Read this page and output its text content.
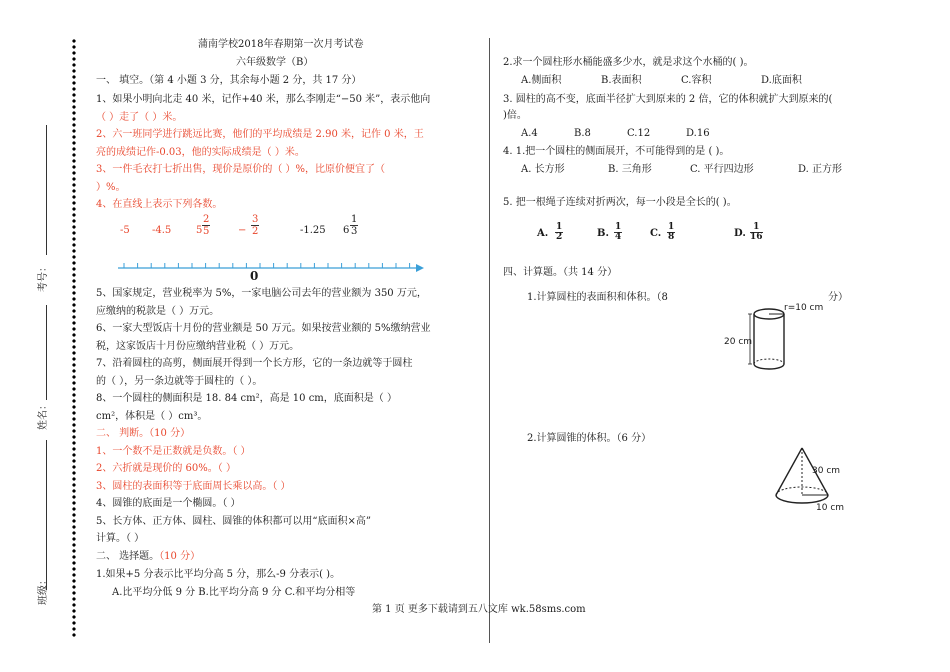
考号：
姓名：
班级：
蒲南学校2018年春期第一次月考试卷
六年级数学（B）
一、 填空。（第 4 小题 3 分，其余每小题 2 分，共 17 分）
1、如果小明向北走 40 米，记作+40 米，那么李刚走“−50 米”，表示他向
（ ）走了（ ）米。
2、六一班同学进行跳远比赛，他们的平均成绩是 2.90 米，记作 0 米，王
亮的成绩记作-0.03，他的实际成绩是（ ）米。
3、一件毛衣打七折出售，现价是原价的（ ）%，比原价便宜了（
）%。
4、在直线上表示下列各数。
-5 -4.5 $5 \frac{2}{5}$	− $\frac{3}{2}$	-1.25 $6 \frac{1}{3}$
0
5、国家规定，营业税率为 5%，一家电脑公司去年的营业额为 350 万元，
应缴纳的税款是（ ）万元。
6、一家大型饭店十月份的营业额是 50 万元。如果按营业额的 5%缴纳营业
税，这家饭店十月份应缴纳营业税（ ）万元。
7、沿着圆柱的高剪，侧面展开得到一个长方形，它的一条边就等于圆柱
的（ ），另一条边就等于圆柱的（ ）。
8、一个圆柱的侧面积是 18. 84 cm²，高是 10 cm，底面积是（ ）
cm²，体积是（ ）cm³。
二、 判断。（10 分）
1、一个数不是正数就是负数。（ ）
2、六折就是现价的 60%。（ ）
3、圆柱的表面积等于底面周长乘以高。（ ）
4、圆锥的底面是一个椭圆。（ ）
5、长方体、正方体、圆柱、圆锥的体积都可以用“底面积×高”
计算。（ ）
二、 选择题。（10 分）
1.如果+5 分表示比平均分高 5 分，那么-9 分表示( )。
A.比平均分低 9 分 B.比平均分高 9 分 C.和平均分相等
2.求一个圆柱形水桶能盛多少水，就是求这个水桶的( )。
A.侧面积	B.表面积	C.容积	D.底面积
3. 圆柱的高不变，底面半径扩大到原来的 2 倍，它的体积就扩大到原来的(
)倍。
A.4	B.8	C.12	D.16
4. 1.把一个圆柱的侧面展开，不可能得到的是 ( )。
A. 长方形	B. 三角形	C. 平行四边形	D. 正方形
5. 把一根绳子连续对折两次，每一小段是全长的( )。
A. $\frac{1}{2}$	B. $\frac{1}{4}$	C. $\frac{1}{8}$	D. $\frac{1}{16}$
四、计算题。（共 14 分）
1.计算圆柱的表面积和体积。（8	分）
r=10 cm
20 cm
2.计算圆锥的体积。（6 分）
30 cm
10 cm
第 1 页 更多下载请到五八文库 wk.58sms.com
